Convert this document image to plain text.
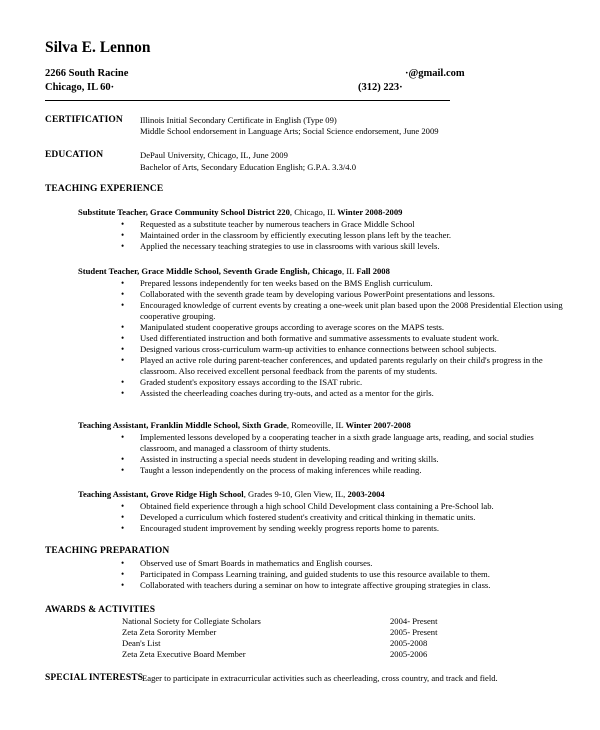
Silva E. Lennon
2266 South Racine
Chicago, IL 60·
·@gmail.com
(312) 223·
CERTIFICATION Illinois Initial Secondary Certificate in English (Type 09)
Middle School endorsement in Language Arts; Social Science endorsement, June 2009
EDUCATION	DePaul University, Chicago, IL, June 2009
Bachelor of Arts, Secondary Education English; G.P.A. 3.3/4.0
TEACHING EXPERIENCE
Substitute Teacher, Grace Community School District 220, Chicago, IL Winter 2008-2009
• Requested as a substitute teacher by numerous teachers in Grace Middle School
• Maintained order in the classroom by efficiently executing lesson plans left by the teacher.
• Applied the necessary teaching strategies to use in classrooms with various skill levels.
Student Teacher, Grace Middle School, Seventh Grade English, Chicago, IL Fall 2008
• Prepared lessons independently for ten weeks based on the BMS English curriculum.
• Collaborated with the seventh grade team by developing various PowerPoint presentations and lessons.
• Encouraged knowledge of current events by creating a one-week unit plan based upon the 2008 Presidential Election using cooperative grouping.
• Manipulated student cooperative groups according to average scores on the MAPS tests.
• Used differentiated instruction and both formative and summative assessments to evaluate student work.
• Designed various cross-curriculum warm-up activities to enhance connections between school subjects.
• Played an active role during parent-teacher conferences, and updated parents regularly on their child's progress in the classroom. Also received excellent personal feedback from the parents of my students.
• Graded student's expository essays according to the ISAT rubric.
• Assisted the cheerleading coaches during try-outs, and acted as a mentor for the girls.
Teaching Assistant, Franklin Middle School, Sixth Grade, Romeoville, IL Winter 2007-2008
• Implemented lessons developed by a cooperating teacher in a sixth grade language arts, reading, and social studies classroom, and managed a classroom of thirty students.
• Assisted in instructing a special needs student in developing reading and writing skills.
• Taught a lesson independently on the process of making inferences while reading.
Teaching Assistant, Grove Ridge High School, Grades 9-10, Glen View, IL, 2003-2004
• Obtained field experience through a high school Child Development class containing a Pre-School lab.
• Developed a curriculum which fostered student's creativity and critical thinking in thematic units.
• Encouraged student improvement by sending weekly progress reports home to parents.
TEACHING PREPARATION
• Observed use of Smart Boards in mathematics and English courses.
• Participated in Compass Learning training, and guided students to use this resource available to them.
• Collaborated with teachers during a seminar on how to integrate affective grouping strategies in class.
AWARDS & ACTIVITIES
National Society for Collegiate Scholars	2004- Present
Zeta Zeta Sorority Member	2005- Present
Dean's List	2005-2008
Zeta Zeta Executive Board Member	2005-2006
SPECIAL INTERESTS
Eager to participate in extracurricular activities such as cheerleading, cross country, and track and field.
